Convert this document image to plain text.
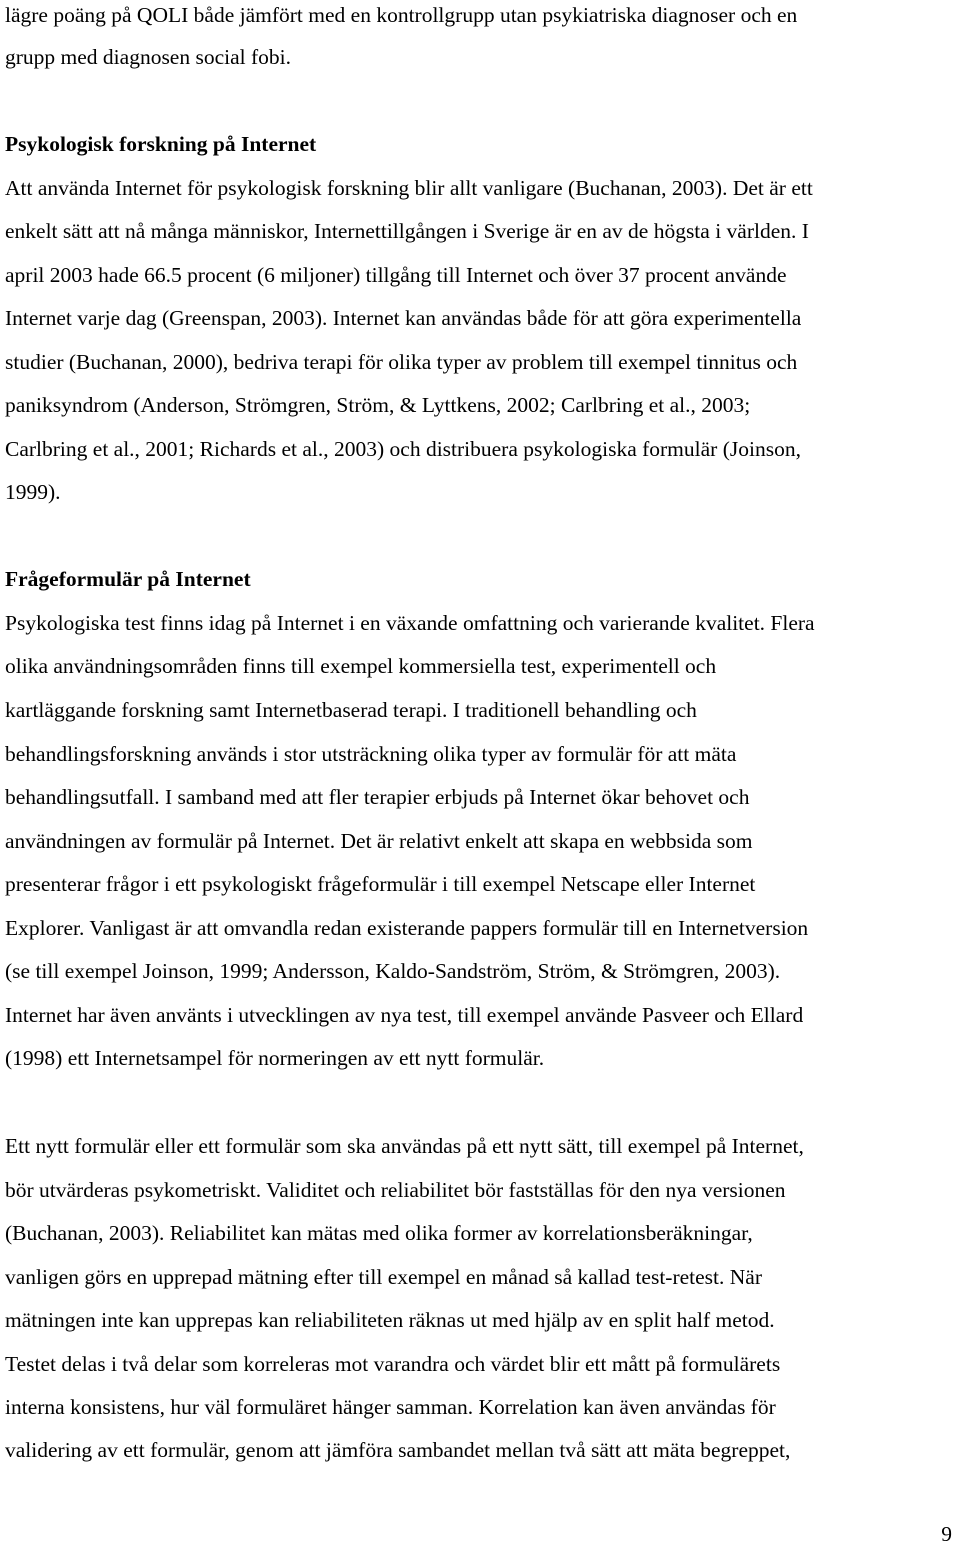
lägre poäng på QOLI både jämfört med en kontrollgrupp utan psykiatriska diagnoser och en
grupp med diagnosen social fobi.
Psykologisk forskning på Internet
Att använda Internet för psykologisk forskning blir allt vanligare (Buchanan, 2003). Det är ett
enkelt sätt att nå många människor, Internettillgången i Sverige är en av de högsta i världen. I
april 2003 hade 66.5 procent (6 miljoner) tillgång till Internet och över 37 procent använde
Internet varje dag (Greenspan, 2003). Internet kan användas både för att göra experimentella
studier (Buchanan, 2000), bedriva terapi för olika typer av problem till exempel tinnitus och
paniksyndrom (Anderson, Strömgren, Ström, & Lyttkens, 2002; Carlbring et al., 2003;
Carlbring et al., 2001; Richards et al., 2003) och distribuera psykologiska formulär (Joinson,
1999).
Frågeformulär på Internet
Psykologiska test finns idag på Internet i en växande omfattning och varierande kvalitet. Flera
olika användningsområden finns till exempel kommersiella test, experimentell och
kartläggande forskning samt Internetbaserad terapi. I traditionell behandling och
behandlingsforskning används i stor utsträckning olika typer av formulär för att mäta
behandlingsutfall. I samband med att fler terapier erbjuds på Internet ökar behovet och
användningen av formulär på Internet. Det är relativt enkelt att skapa en webbsida som
presenterar frågor i ett psykologiskt frågeformulär i till exempel Netscape eller Internet
Explorer. Vanligast är att omvandla redan existerande pappers formulär till en Internetversion
(se till exempel Joinson, 1999; Andersson, Kaldo-Sandström, Ström, & Strömgren, 2003).
Internet har även använts i utvecklingen av nya test, till exempel använde Pasveer och Ellard
(1998) ett Internetsampel för normeringen av ett nytt formulär.
Ett nytt formulär eller ett formulär som ska användas på ett nytt sätt, till exempel på Internet,
bör utvärderas psykometriskt. Validitet och reliabilitet bör fastställas för den nya versionen
(Buchanan, 2003). Reliabilitet kan mätas med olika former av korrelationsberäkningar,
vanligen görs en upprepad mätning efter till exempel en månad så kallad test-retest. När
mätningen inte kan upprepas kan reliabiliteten räknas ut med hjälp av en split half metod.
Testet delas i två delar som korreleras mot varandra och värdet blir ett mått på formulärets
interna konsistens, hur väl formuläret hänger samman. Korrelation kan även användas för
validering av ett formulär, genom att jämföra sambandet mellan två sätt att mäta begreppet,
9
